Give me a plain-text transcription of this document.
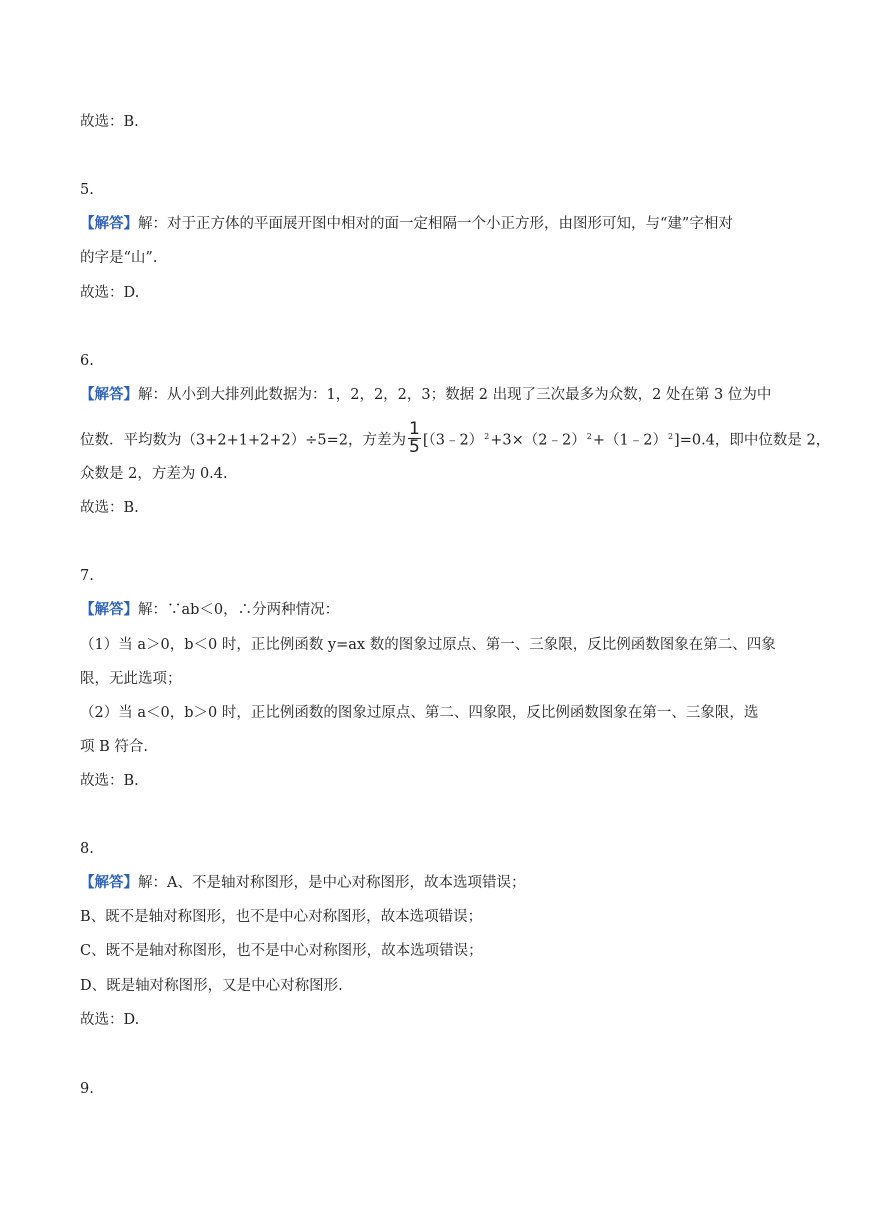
故选：B.
5.
【解答】解：对于正方体的平面展开图中相对的面一定相隔一个小正方形，由图形可知，与“建”字相对
的字是“山”.
故选：D.
6.
【解答】解：从小到大排列此数据为：1，2，2，2，3；数据 2 出现了三次最多为众数，2 处在第 3 位为中
位数．平均数为（3+2+1+2+2）÷5=2，方差为 $\frac{1}{5}$ [（3﹣2）$^2$+3×（2﹣2）$^2$+（1﹣2）$^2$]=0.4，即中位数是 2，
众数是 2，方差为 0.4.
故选：B.
7.
【解答】解：∵ab＜0，∴分两种情况：
（1）当 a＞0，b＜0 时，正比例函数 y=ax 数的图象过原点、第一、三象限，反比例函数图象在第二、四象
限，无此选项；
（2）当 a＜0，b＞0 时，正比例函数的图象过原点、第二、四象限，反比例函数图象在第一、三象限，选
项 B 符合.
故选：B.
8.
【解答】解：A、不是轴对称图形，是中心对称图形，故本选项错误；
B、既不是轴对称图形，也不是中心对称图形，故本选项错误；
C、既不是轴对称图形，也不是中心对称图形，故本选项错误；
D、既是轴对称图形，又是中心对称图形.
故选：D.
9.
